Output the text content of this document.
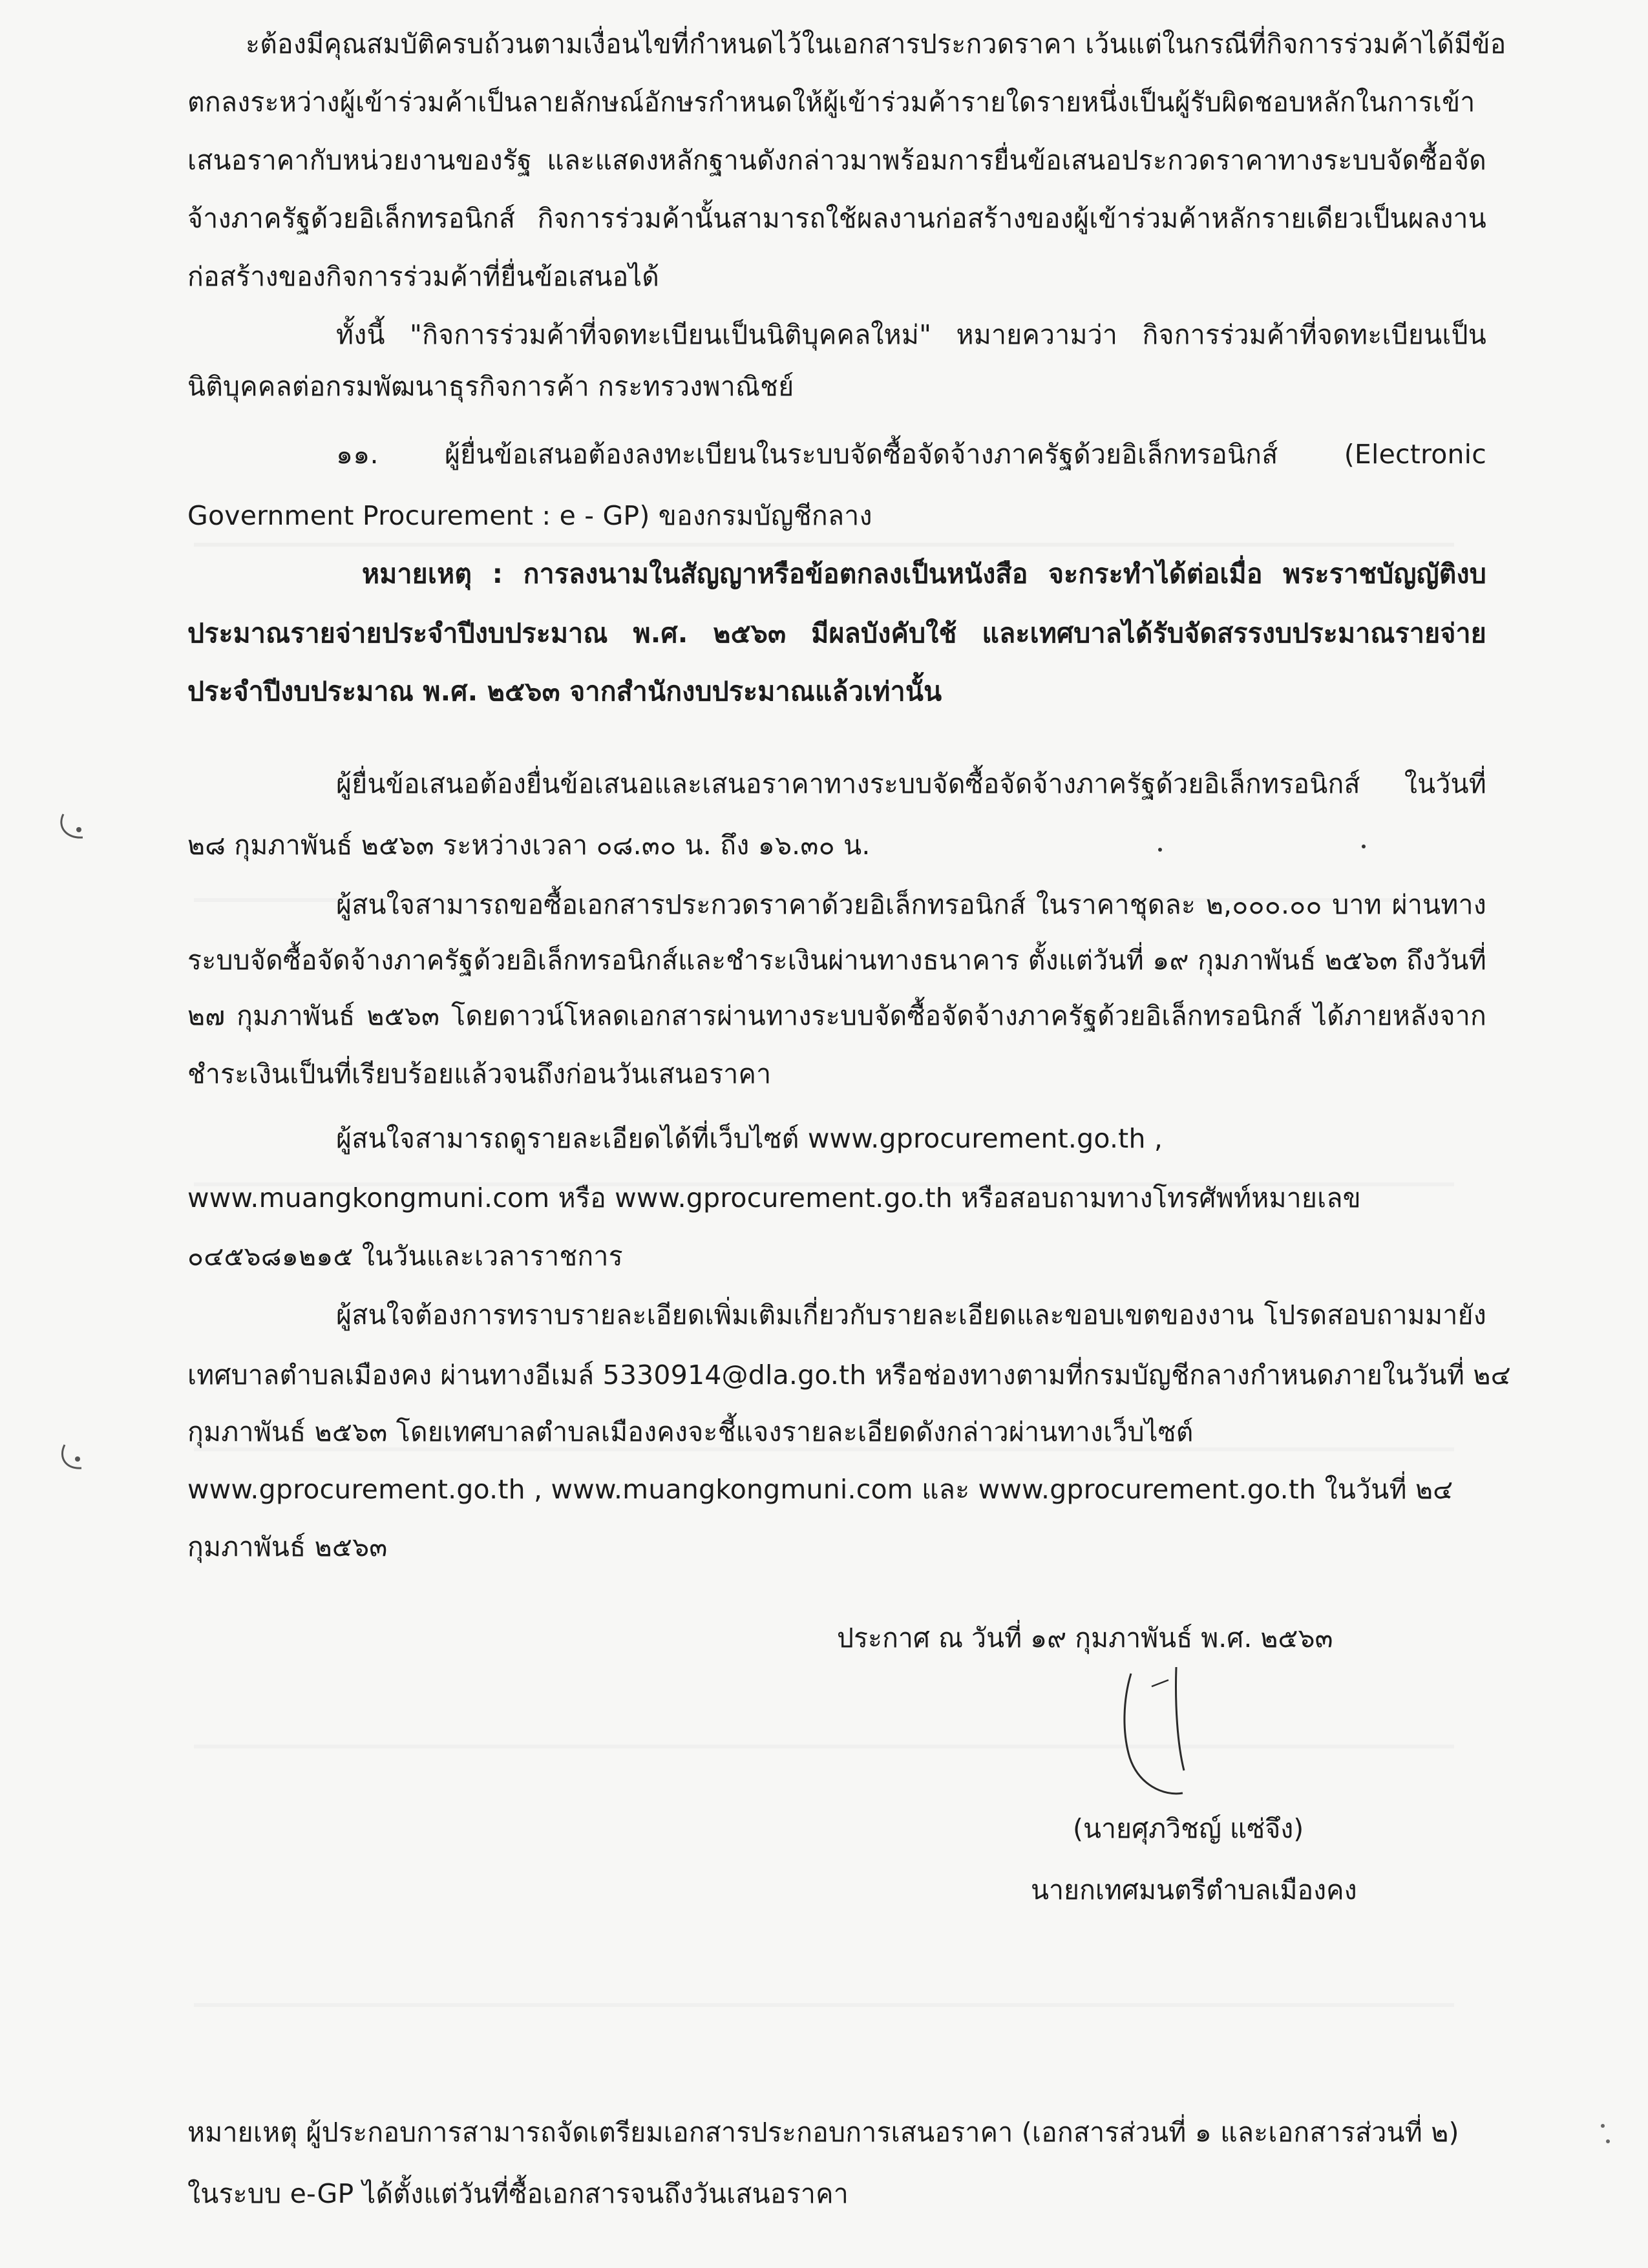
ะต้องมีคุณสมบัติครบถ้วนตามเงื่อนไขที่กำหนดไว้ในเอกสารประกวดราคา เว้นแต่ในกรณีที่กิจการร่วมค้าได้มีข้อ
ตกลงระหว่างผู้เข้าร่วมค้าเป็นลายลักษณ์อักษรกำหนดให้ผู้เข้าร่วมค้ารายใดรายหนึ่งเป็นผู้รับผิดชอบหลักในการเข้า
เสนอราคากับหน่วยงานของรัฐ และแสดงหลักฐานดังกล่าวมาพร้อมการยื่นข้อเสนอประกวดราคาทางระบบจัดซื้อจัด
จ้างภาครัฐด้วยอิเล็กทรอนิกส์ กิจการร่วมค้านั้นสามารถใช้ผลงานก่อสร้างของผู้เข้าร่วมค้าหลักรายเดียวเป็นผลงาน
ก่อสร้างของกิจการร่วมค้าที่ยื่นข้อเสนอได้
ทั้งนี้ "กิจการร่วมค้าที่จดทะเบียนเป็นนิติบุคคลใหม่" หมายความว่า กิจการร่วมค้าที่จดทะเบียนเป็น
นิติบุคคลต่อกรมพัฒนาธุรกิจการค้า กระทรวงพาณิชย์
๑๑. ผู้ยื่นข้อเสนอต้องลงทะเบียนในระบบจัดซื้อจัดจ้างภาครัฐด้วยอิเล็กทรอนิกส์ (Electronic
Government Procurement : e - GP) ของกรมบัญชีกลาง
หมายเหตุ : การลงนามในสัญญาหรือข้อตกลงเป็นหนังสือ จะกระทำได้ต่อเมื่อ พระราชบัญญัติงบ
ประมาณรายจ่ายประจำปีงบประมาณ พ.ศ. ๒๕๖๓ มีผลบังคับใช้ และเทศบาลได้รับจัดสรรงบประมาณรายจ่าย
ประจำปีงบประมาณ พ.ศ. ๒๕๖๓ จากสำนักงบประมาณแล้วเท่านั้น
ผู้ยื่นข้อเสนอต้องยื่นข้อเสนอและเสนอราคาทางระบบจัดซื้อจัดจ้างภาครัฐด้วยอิเล็กทรอนิกส์ ในวันที่
๒๘ กุมภาพันธ์ ๒๕๖๓ ระหว่างเวลา ๐๘.๓๐ น. ถึง ๑๖.๓๐ น.
ผู้สนใจสามารถขอซื้อเอกสารประกวดราคาด้วยอิเล็กทรอนิกส์ ในราคาชุดละ ๒,๐๐๐.๐๐ บาท ผ่านทาง
ระบบจัดซื้อจัดจ้างภาครัฐด้วยอิเล็กทรอนิกส์และชำระเงินผ่านทางธนาคาร ตั้งแต่วันที่ ๑๙ กุมภาพันธ์ ๒๕๖๓ ถึงวันที่
๒๗ กุมภาพันธ์ ๒๕๖๓ โดยดาวน์โหลดเอกสารผ่านทางระบบจัดซื้อจัดจ้างภาครัฐด้วยอิเล็กทรอนิกส์ ได้ภายหลังจาก
ชำระเงินเป็นที่เรียบร้อยแล้วจนถึงก่อนวันเสนอราคา
ผู้สนใจสามารถดูรายละเอียดได้ที่เว็บไซต์ www.gprocurement.go.th ,
www.muangkongmuni.com หรือ www.gprocurement.go.th หรือสอบถามทางโทรศัพท์หมายเลข
๐๔๕๖๘๑๒๑๕ ในวันและเวลาราชการ
ผู้สนใจต้องการทราบรายละเอียดเพิ่มเติมเกี่ยวกับรายละเอียดและขอบเขตของงาน โปรดสอบถามมายัง
เทศบาลตำบลเมืองคง ผ่านทางอีเมล์ 5330914@dla.go.th หรือช่องทางตามที่กรมบัญชีกลางกำหนดภายในวันที่ ๒๔
กุมภาพันธ์ ๒๕๖๓ โดยเทศบาลตำบลเมืองคงจะชี้แจงรายละเอียดดังกล่าวผ่านทางเว็บไซต์
www.gprocurement.go.th , www.muangkongmuni.com และ www.gprocurement.go.th ในวันที่ ๒๔
กุมภาพันธ์ ๒๕๖๓
ประกาศ ณ วันที่ ๑๙ กุมภาพันธ์ พ.ศ. ๒๕๖๓
(นายศุภวิชญ์ แซ่จึง)
นายกเทศมนตรีตำบลเมืองคง
หมายเหตุ ผู้ประกอบการสามารถจัดเตรียมเอกสารประกอบการเสนอราคา (เอกสารส่วนที่ ๑ และเอกสารส่วนที่ ๒)
ในระบบ e-GP ได้ตั้งแต่วันที่ซื้อเอกสารจนถึงวันเสนอราคา
